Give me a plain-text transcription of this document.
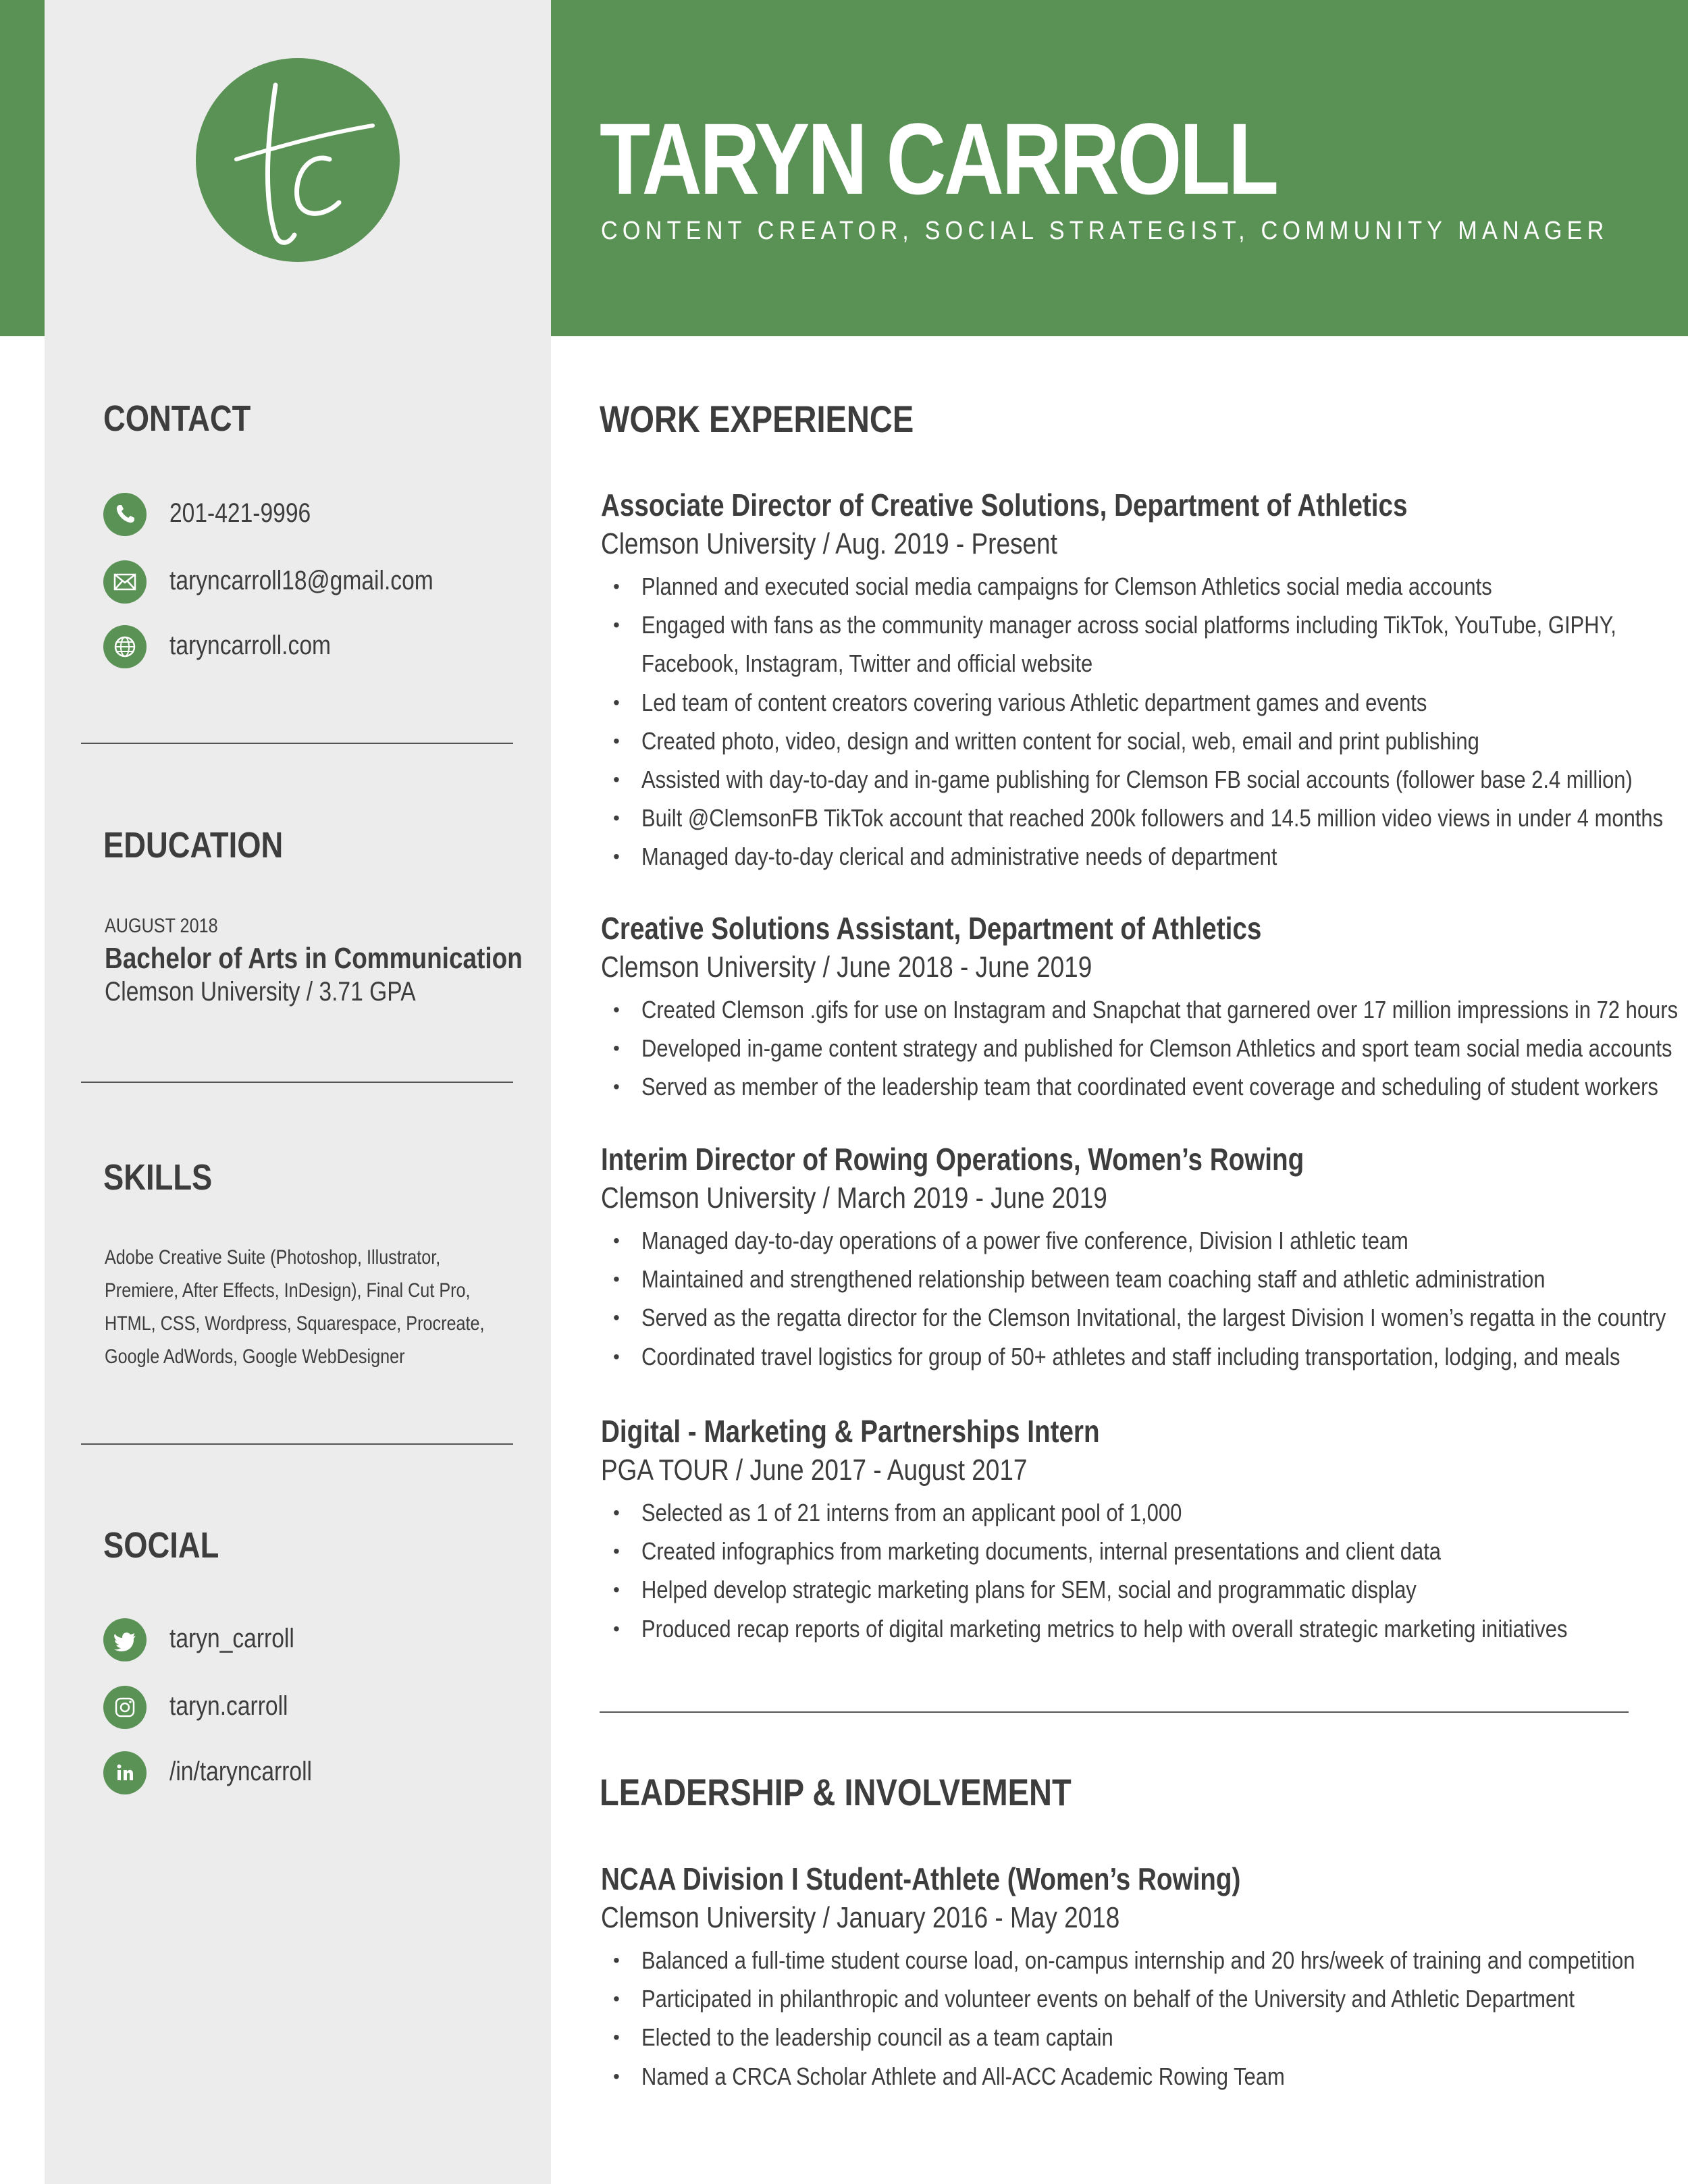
TARYN CARROLL
CONTENT CREATOR, SOCIAL STRATEGIST, COMMUNITY MANAGER
CONTACT
201-421-9996
taryncarroll18@gmail.com
taryncarroll.com
EDUCATION
AUGUST 2018
Bachelor of Arts in Communication
Clemson University / 3.71 GPA
SKILLS
Adobe Creative Suite (Photoshop, Illustrator,
Premiere, After Effects, InDesign), Final Cut Pro,
HTML, CSS, Wordpress, Squarespace, Procreate,
Google AdWords, Google WebDesigner
SOCIAL
taryn_carroll
taryn.carroll
/in/taryncarroll
WORK EXPERIENCE
Associate Director of Creative Solutions, Department of Athletics
Clemson University / Aug. 2019 - Present
• Planned and executed social media campaigns for Clemson Athletics social media accounts
• Engaged with fans as the community manager across social platforms including TikTok, YouTube, GIPHY,
Facebook, Instagram, Twitter and official website
• Led team of content creators covering various Athletic department games and events
• Created photo, video, design and written content for social, web, email and print publishing
• Assisted with day-to-day and in-game publishing for Clemson FB social accounts (follower base 2.4 million)
• Built @ClemsonFB TikTok account that reached 200k followers and 14.5 million video views in under 4 months
• Managed day-to-day clerical and administrative needs of department
Creative Solutions Assistant, Department of Athletics
Clemson University / June 2018 - June 2019
• Created Clemson .gifs for use on Instagram and Snapchat that garnered over 17 million impressions in 72 hours
• Developed in-game content strategy and published for Clemson Athletics and sport team social media accounts
• Served as member of the leadership team that coordinated event coverage and scheduling of student workers
Interim Director of Rowing Operations, Women’s Rowing
Clemson University / March 2019 - June 2019
• Managed day-to-day operations of a power five conference, Division I athletic team
• Maintained and strengthened relationship between team coaching staff and athletic administration
• Served as the regatta director for the Clemson Invitational, the largest Division I women’s regatta in the country
• Coordinated travel logistics for group of 50+ athletes and staff including transportation, lodging, and meals
Digital - Marketing & Partnerships Intern
PGA TOUR / June 2017 - August 2017
• Selected as 1 of 21 interns from an applicant pool of 1,000
• Created infographics from marketing documents, internal presentations and client data
• Helped develop strategic marketing plans for SEM, social and programmatic display
• Produced recap reports of digital marketing metrics to help with overall strategic marketing initiatives
LEADERSHIP & INVOLVEMENT
NCAA Division I Student-Athlete (Women’s Rowing)
Clemson University / January 2016 - May 2018
• Balanced a full-time student course load, on-campus internship and 20 hrs/week of training and competition
• Participated in philanthropic and volunteer events on behalf of the University and Athletic Department
• Elected to the leadership council as a team captain
• Named a CRCA Scholar Athlete and All-ACC Academic Rowing Team
